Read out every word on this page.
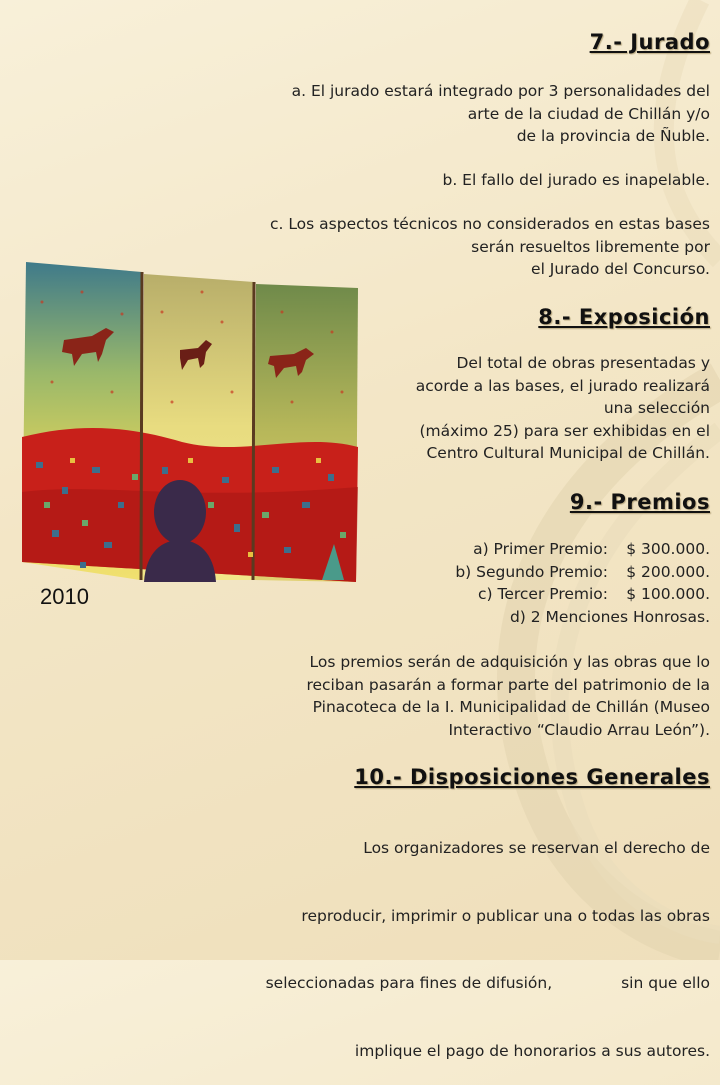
7.- Jurado
a. El jurado estará integrado por 3 personalidades del
arte de la ciudad de Chillán y/o
de la provincia de Ñuble.
b. El fallo del jurado es inapelable.
c. Los aspectos técnicos no considerados en estas bases
serán resueltos libremente por
el Jurado del Concurso.
8.- Exposición
Del total de obras presentadas y
acorde a las bases, el jurado realizará
una selección
(máximo 25) para ser exhibidas en el
Centro Cultural Municipal de Chillán.
9.- Premios
a) Primer Premio:	$ 300.000.
b) Segundo Premio:	$ 200.000.
c) Tercer Premio:	$ 100.000.
d) 2 Menciones Honrosas.
Los premios serán de adquisición y las obras que lo
reciban pasarán a formar parte del patrimonio de la
Pinacoteca de la I. Municipalidad de Chillán (Museo
Interactivo “Claudio Arrau León”).
10.- Disposiciones Generales

Los organizadores se reservan el derecho de

reproducir, imprimir o publicar una o todas las obras

seleccionadas para fines de difusión,              sin que ello

implique el pago de honorarios a sus autores.

2010
